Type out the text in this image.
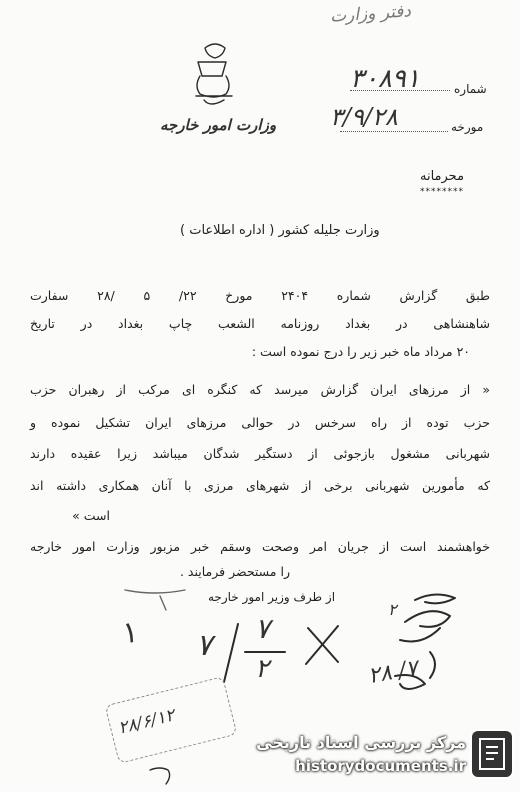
دفتر وزارت
وزارت امور خارجه
شماره
۳۰۸۹۱
مورخه
۳/۹/۲۸
محرمانه
********
وزارت جلیله کشور ( اداره اطلاعات )
طبق گزارش شماره ۲۴۰۴ مورخ ۲۲/ ۵ /۲۸ سفارت
شاهنشاهی در بغداد روزنامه الشعب چاپ بغداد در تاریخ
۲۰ مرداد ماه خبر زیر را درج نموده است :
« از مرزهای ایران گزارش میرسد که کنگره ای مرکب از رهبران حزب
حزب توده از راه سرخس در حوالی مرزهای ایران تشکیل نموده و
شهربانی مشغول بازجوئی از دستگیر شدگان میباشد زیرا عقیده دارند
که مأمورین شهربانی برخی از شهرهای مرزی با آنان همکاری داشته اند
است »
خواهشمند است از جریان امر وصحت وسقم خبر مزبور وزارت امور خارجه
را مستحضر فرمایند .
از طرف وزیر امور خارجه
۱ ۷ ۷
۲
۲
۲۸ /۷
۲۸/۶/۱۲
مرکز بررسی اسناد تاریخی
historydocuments.ir
